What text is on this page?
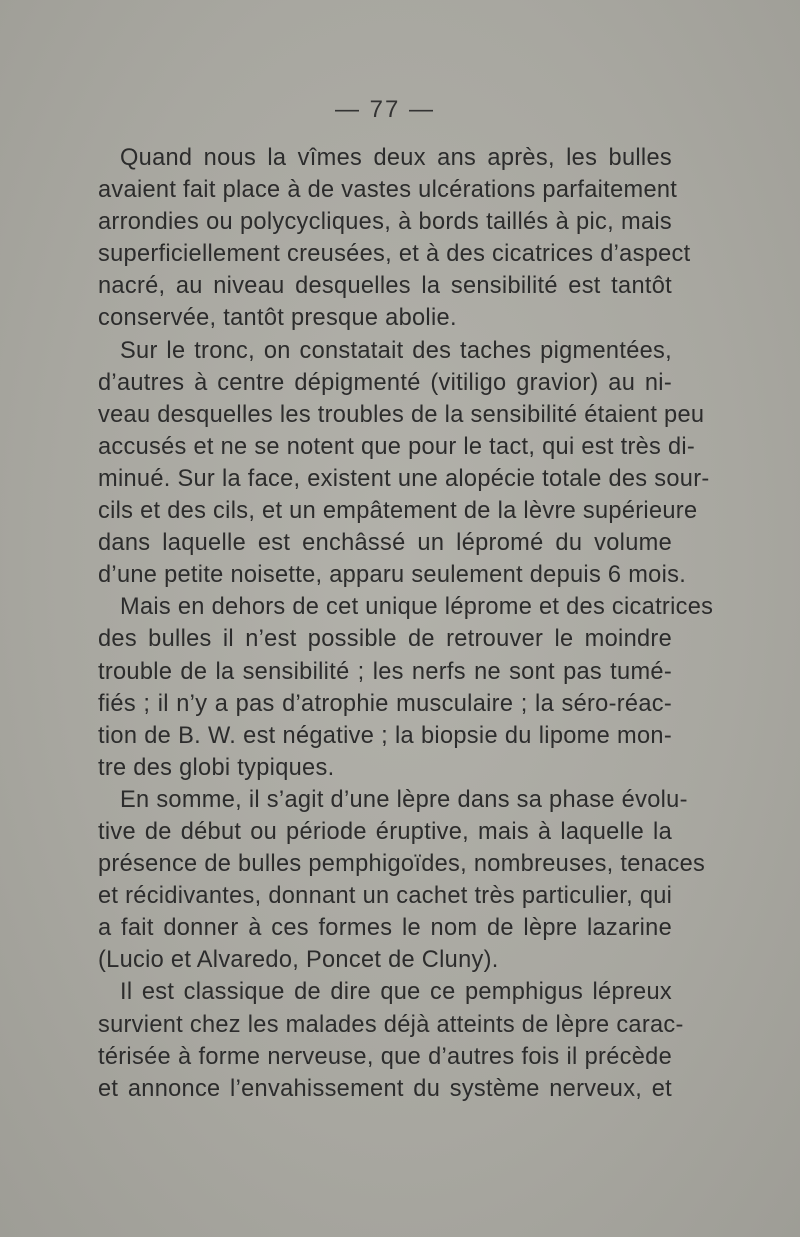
— 77 —
Quand nous la vîmes deux ans après, les bulles
avaient fait place à de vastes ulcérations parfaitement
arrondies ou polycycliques, à bords taillés à pic, mais
superficiellement creusées, et à des cicatrices d’aspect
nacré, au niveau desquelles la sensibilité est tantôt
conservée, tantôt presque abolie.
Sur le tronc, on constatait des taches pigmentées,
d’autres à centre dépigmenté (vitiligo gravior) au ni-
veau desquelles les troubles de la sensibilité étaient peu
accusés et ne se notent que pour le tact, qui est très di-
minué. Sur la face, existent une alopécie totale des sour-
cils et des cils, et un empâtement de la lèvre supérieure
dans laquelle est enchâssé un lépromé du volume
d’une petite noisette, apparu seulement depuis 6 mois.
Mais en dehors de cet unique léprome et des cicatrices
des bulles il n’est possible de retrouver le moindre
trouble de la sensibilité ; les nerfs ne sont pas tumé-
fiés ; il n’y a pas d’atrophie musculaire ; la séro-réac-
tion de B. W. est négative ; la biopsie du lipome mon-
tre des globi typiques.
En somme, il s’agit d’une lèpre dans sa phase évolu-
tive de début ou période éruptive, mais à laquelle la
présence de bulles pemphigoïdes, nombreuses, tenaces
et récidivantes, donnant un cachet très particulier, qui
a fait donner à ces formes le nom de lèpre lazarine
(Lucio et Alvaredo, Poncet de Cluny).
Il est classique de dire que ce pemphigus lépreux
survient chez les malades déjà atteints de lèpre carac-
térisée à forme nerveuse, que d’autres fois il précède
et annonce l’envahissement du système nerveux, et
